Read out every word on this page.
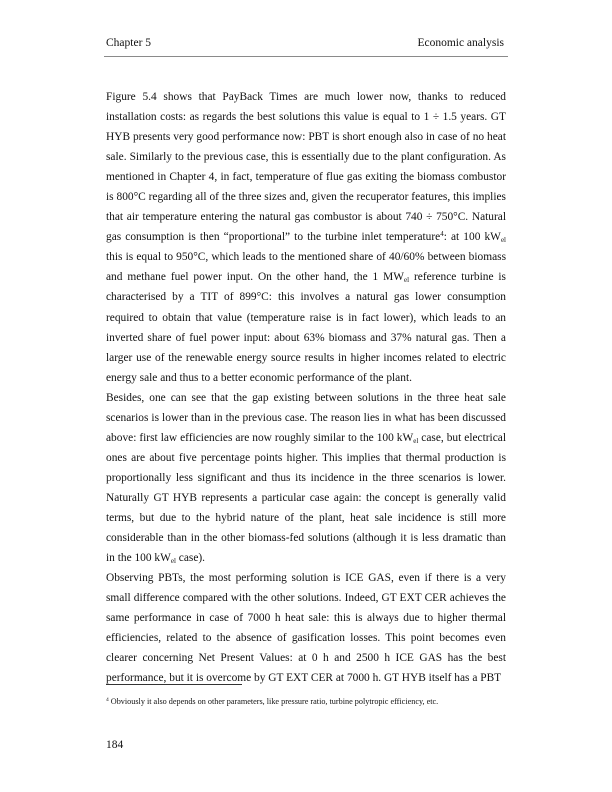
Chapter 5	Economic analysis

Figure 5.4 shows that PayBack Times are much lower now, thanks to reduced installation costs: as regards the best solutions this value is equal to 1 ÷ 1.5 years. GT HYB presents very good performance now: PBT is short enough also in case of no heat sale. Similarly to the previous case, this is essentially due to the plant configuration. As mentioned in Chapter 4, in fact, temperature of flue gas exiting the biomass combustor is 800°C regarding all of the three sizes and, given the recuperator features, this implies that air temperature entering the natural gas combustor is about 740 ÷ 750°C. Natural gas consumption is then “proportional” to the turbine inlet temperature$^4$: at 100 $kW_{el}$ this is equal to 950°C, which leads to the mentioned share of 40/60% between biomass and methane fuel power input. On the other hand, the 1 $MW_{el}$ reference turbine is characterised by a TIT of 899°C: this involves a natural gas lower consumption required to obtain that value (temperature raise is in fact lower), which leads to an inverted share of fuel power input: about 63% biomass and 37% natural gas. Then a larger use of the renewable energy source results in higher incomes related to electric energy sale and thus to a better economic performance of the plant.

Besides, one can see that the gap existing between solutions in the three heat sale scenarios is lower than in the previous case. The reason lies in what has been discussed above: first law efficiencies are now roughly similar to the 100 $kW_{el}$ case, but electrical ones are about five percentage points higher. This implies that thermal production is proportionally less significant and thus its incidence in the three scenarios is lower. Naturally GT HYB represents a particular case again: the concept is generally valid terms, but due to the hybrid nature of the plant, heat sale incidence is still more considerable than in the other biomass-fed solutions (although it is less dramatic than in the 100 $kW_{el}$ case).

Observing PBTs, the most performing solution is ICE GAS, even if there is a very small difference compared with the other solutions. Indeed, GT EXT CER achieves the same performance in case of 7000 h heat sale: this is always due to higher thermal efficiencies, related to the absence of gasification losses. This point becomes even clearer concerning Net Present Values: at 0 h and 2500 h ICE GAS has the best performance, but it is overcome by GT EXT CER at 7000 h. GT HYB itself has a PBT

$^4$ Obviously it also depends on other parameters, like pressure ratio, turbine polytropic efficiency, etc.
184
